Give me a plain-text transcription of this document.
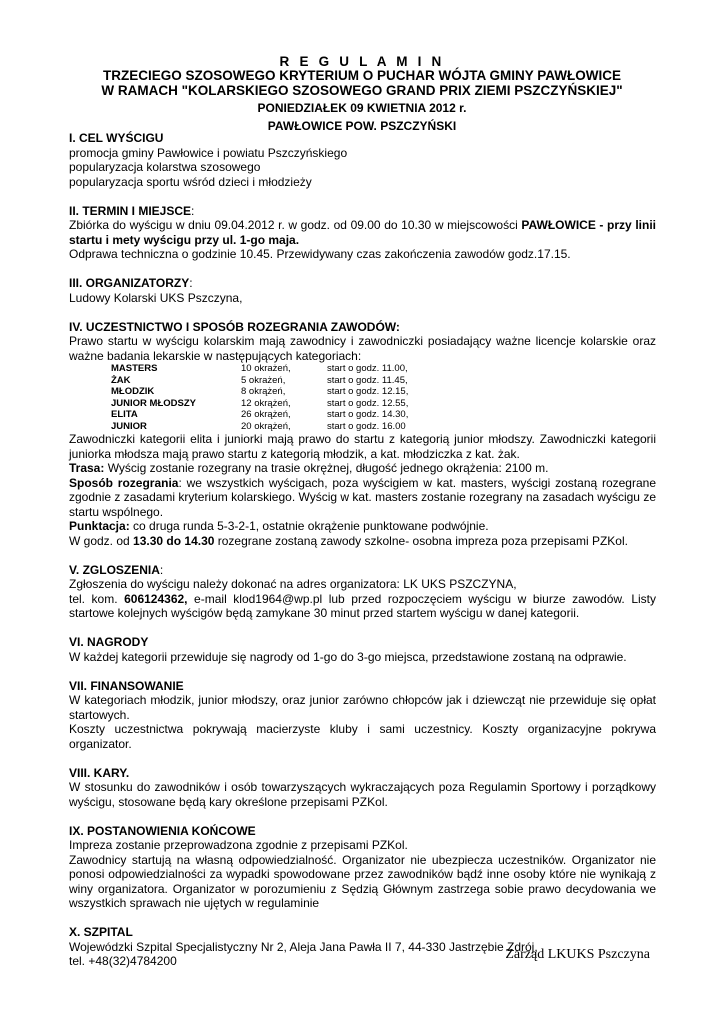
R E G U L A M I N
TRZECIEGO SZOSOWEGO KRYTERIUM O PUCHAR WÓJTA GMINY PAWŁOWICE
W RAMACH "KOLARSKIEGO SZOSOWEGO GRAND PRIX ZIEMI PSZCZYŃSKIEJ"
PONIEDZIAŁEK 09 KWIETNIA 2012 r.
PAWŁOWICE POW. PSZCZYŃSKI

I. CEL WYŚCIGU

promocja gminy Pawłowice i powiatu Pszczyńskiego

popularyzacja kolarstwa szosowego

popularyzacja sportu wśród dzieci i młodzieży

II. TERMIN I MIEJSCE:

Zbiórka do wyścigu w dniu 09.04.2012 r. w godz. od 09.00 do 10.30 w miejscowości PAWŁOWICE - przy linii startu i mety wyścigu przy ul. 1-go maja.

Odprawa techniczna o godzinie 10.45. Przewidywany czas zakończenia zawodów godz.17.15.

III. ORGANIZATORZY:

Ludowy Kolarski UKS Pszczyna,

IV. UCZESTNICTWO I SPOSÓB ROZEGRANIA ZAWODÓW:

Prawo startu w wyścigu kolarskim mają zawodnicy i zawodniczki posiadający ważne licencje kolarskie oraz ważne badania lekarskie w następujących kategoriach:

MASTERS	10 okrażeń,	start o godz. 11.00,
ŻAK	5 okrażeń,	start o godz. 11.45,
MŁODZIK	8 okrążeń,	start o godz. 12.15,
JUNIOR MŁODSZY	12 okrążeń,	start o godz. 12.55,
ELITA	26 okrążeń,	start o godz. 14.30,
JUNIOR	20 okrążeń,	start o godz. 16.00

Zawodniczki kategorii elita i juniorki mają prawo do startu z kategorią junior młodszy. Zawodniczki kategorii juniorka młodsza mają prawo startu z kategorią młodzik, a kat. młodziczka z kat. żak.

Trasa: Wyścig zostanie rozegrany na trasie okrężnej, długość jednego okrążenia: 2100 m.

Sposób rozegrania: we wszystkich wyścigach, poza wyścigiem w kat. masters, wyścigi zostaną rozegrane zgodnie z zasadami kryterium kolarskiego. Wyścig w kat. masters zostanie rozegrany na zasadach wyścigu ze startu wspólnego.

Punktacja: co druga runda 5-3-2-1, ostatnie okrążenie punktowane podwójnie.

W godz. od 13.30 do 14.30 rozegrane zostaną zawody szkolne- osobna impreza poza przepisami PZKol.

V. ZGLOSZENIA:

Zgłoszenia do wyścigu należy dokonać na adres organizatora: LK UKS PSZCZYNA,

tel. kom. 606124362, e-mail klod1964@wp.pl lub przed rozpoczęciem wyścigu w biurze zawodów. Listy startowe kolejnych wyścigów będą zamykane 30 minut przed startem wyścigu w danej kategorii.

VI. NAGRODY

W każdej kategorii przewiduje się nagrody od 1-go do 3-go miejsca, przedstawione zostaną na odprawie.

VII. FINANSOWANIE

W kategoriach młodzik, junior młodszy, oraz junior zarówno chłopców jak i dziewcząt nie przewiduje się opłat startowych.

Koszty uczestnictwa pokrywają macierzyste kluby i sami uczestnicy. Koszty organizacyjne pokrywa organizator.

VIII. KARY.

W stosunku do zawodników i osób towarzyszących wykraczających poza Regulamin Sportowy i porządkowy wyścigu, stosowane będą kary określone przepisami PZKol.

IX. POSTANOWIENIA KOŃCOWE

Impreza zostanie przeprowadzona zgodnie z przepisami PZKol.

Zawodnicy startują na własną odpowiedzialność. Organizator nie ubezpiecza uczestników. Organizator nie ponosi odpowiedzialności za wypadki spowodowane przez zawodników bądź inne osoby które nie wynikają z winy organizatora. Organizator w porozumieniu z Sędzią Głównym zastrzega sobie prawo decydowania we wszystkich sprawach nie ujętych w regulaminie

X. SZPITAL

Wojewódzki Szpital Specjalistyczny Nr 2, Aleja Jana Pawła II 7, 44-330 Jastrzębie Zdrój,

tel. +48(32)4784200	Zarząd LKUKS Pszczyna
